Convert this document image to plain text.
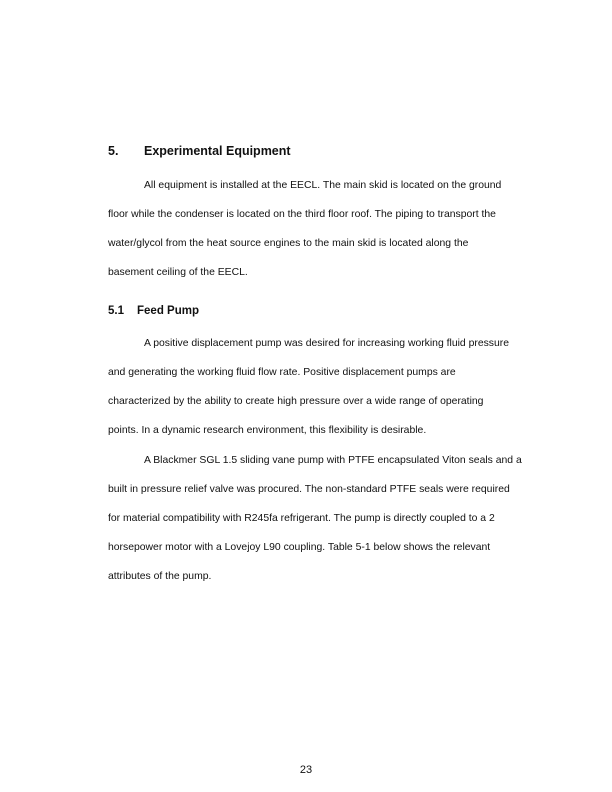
5. Experimental Equipment
All equipment is installed at the EECL. The main skid is located on the ground
floor while the condenser is located on the third floor roof. The piping to transport the
water/glycol from the heat source engines to the main skid is located along the
basement ceiling of the EECL.
5.1 Feed Pump
A positive displacement pump was desired for increasing working fluid pressure
and generating the working fluid flow rate. Positive displacement pumps are
characterized by the ability to create high pressure over a wide range of operating
points. In a dynamic research environment, this flexibility is desirable.
A Blackmer SGL 1.5 sliding vane pump with PTFE encapsulated Viton seals and a
built in pressure relief valve was procured. The non-standard PTFE seals were required
for material compatibility with R245fa refrigerant. The pump is directly coupled to a 2
horsepower motor with a Lovejoy L90 coupling. Table 5-1 below shows the relevant
attributes of the pump.
23
